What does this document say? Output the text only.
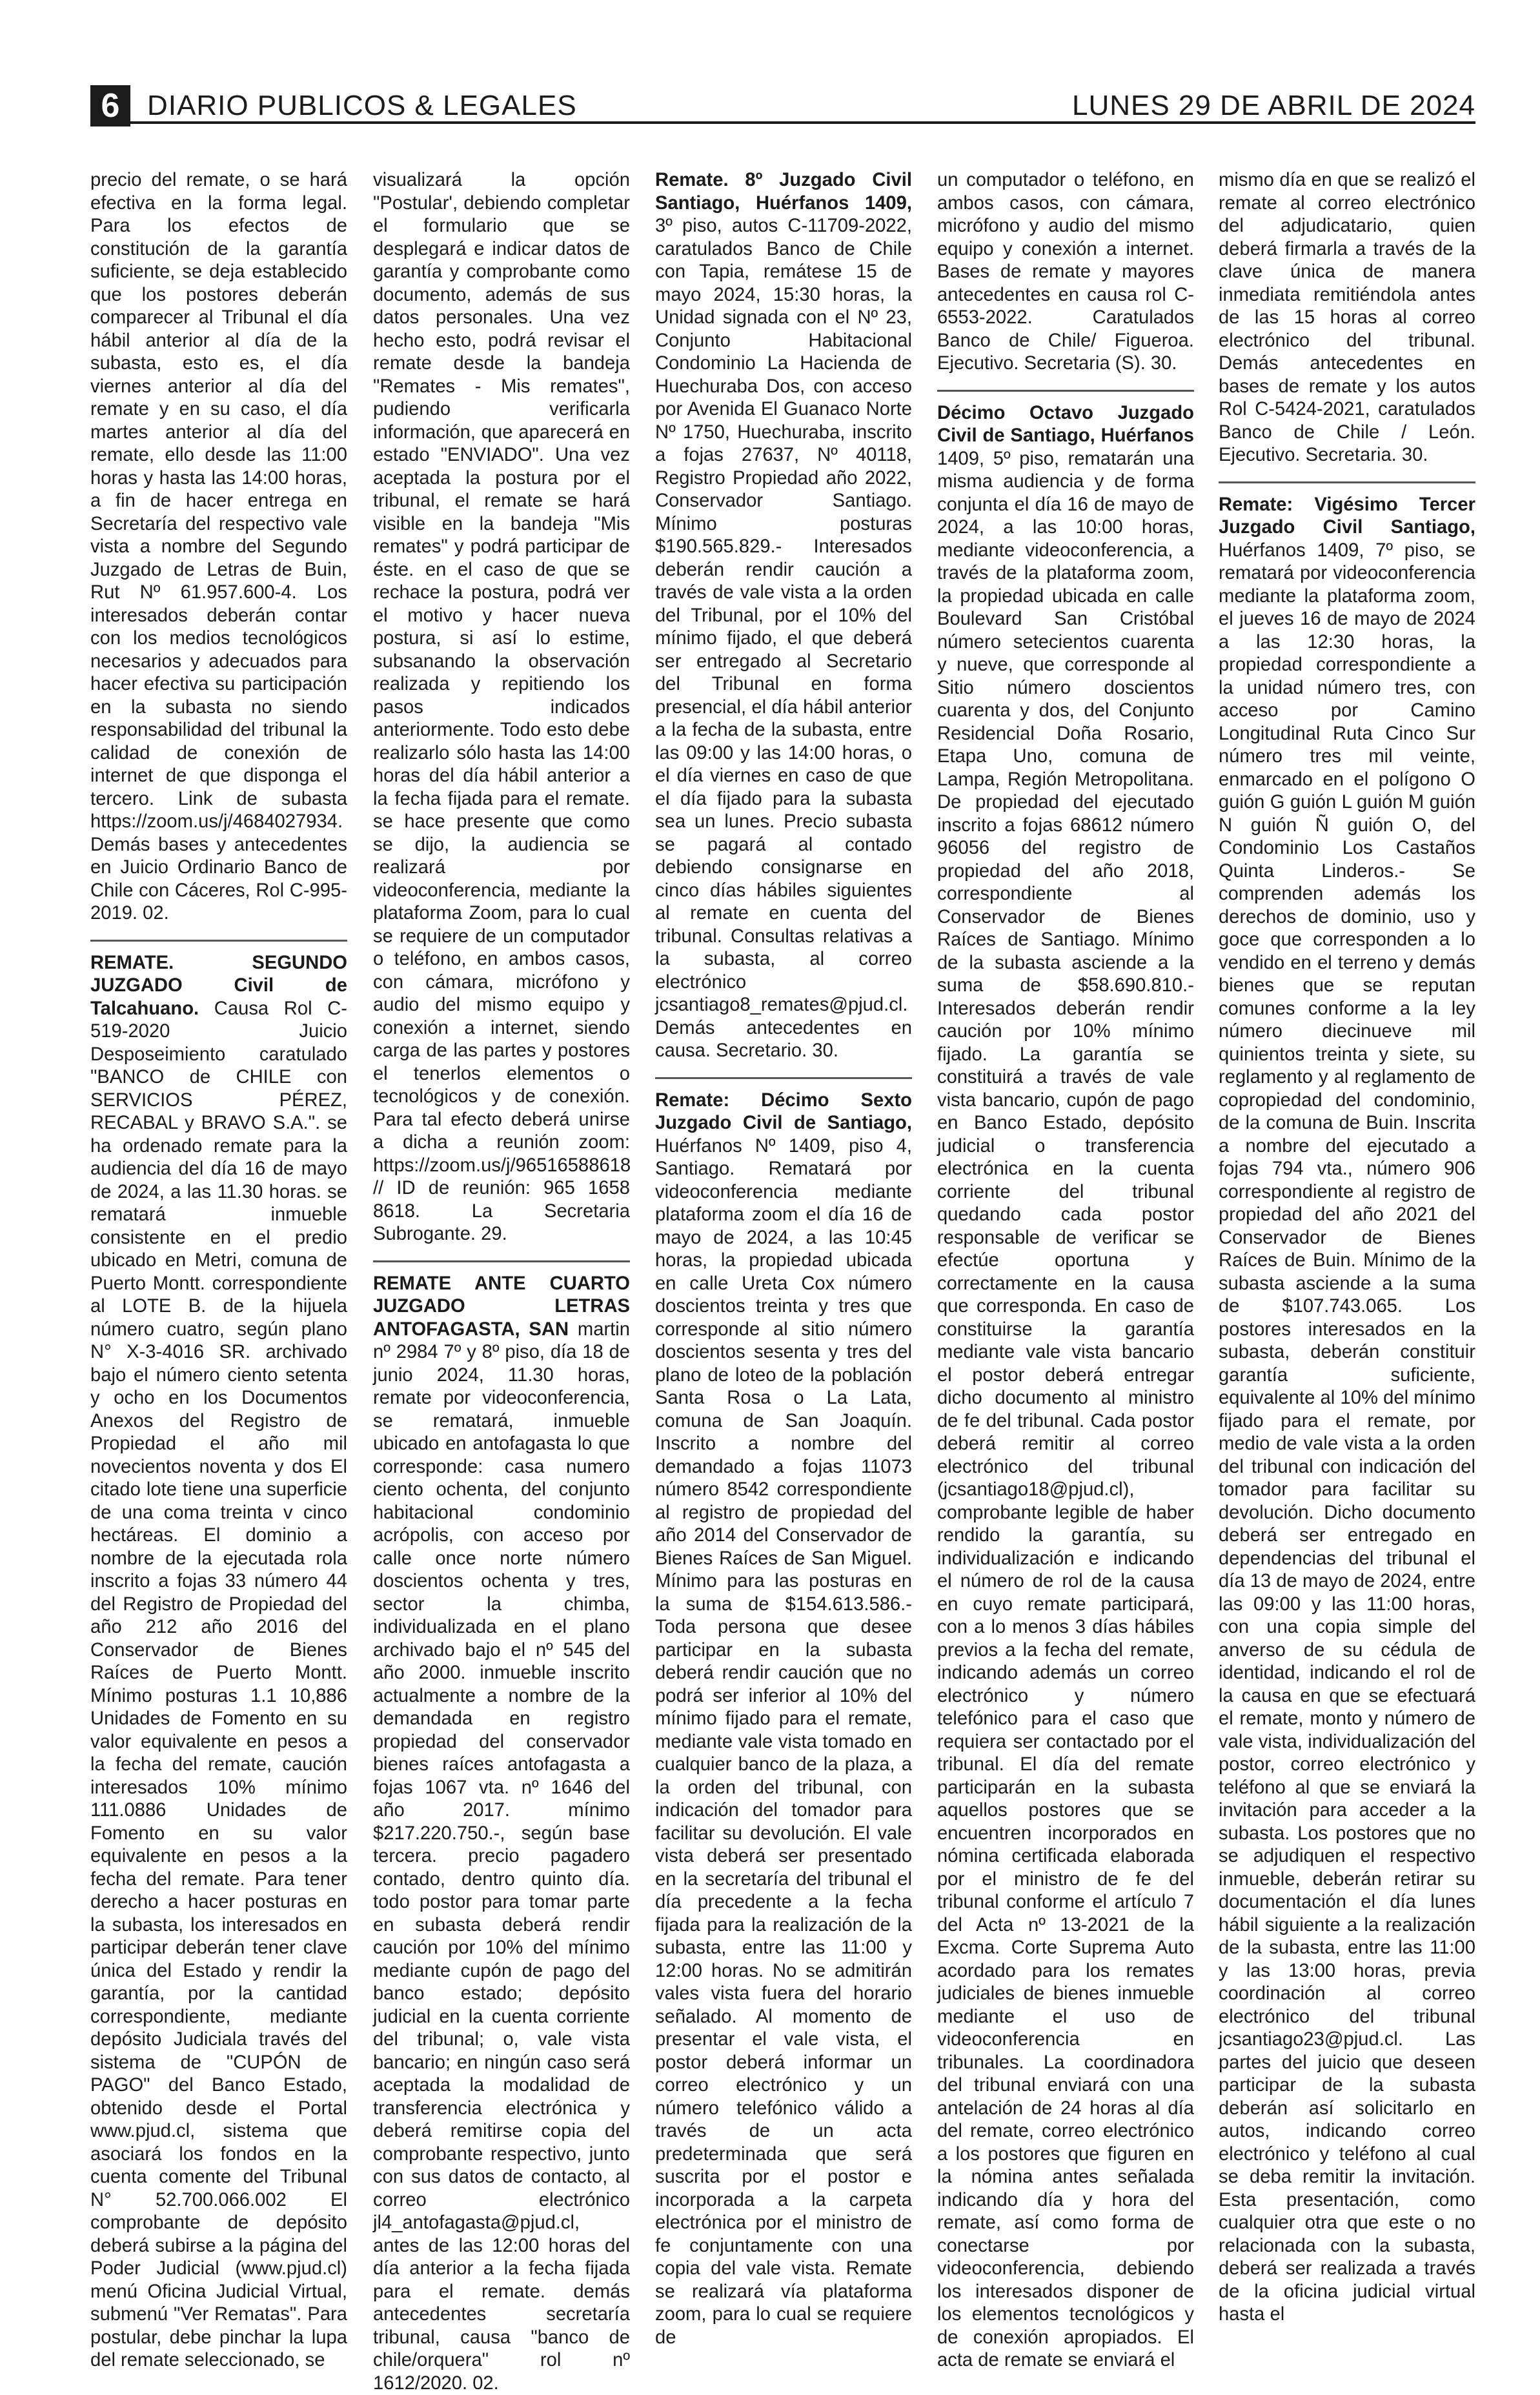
6 DIARIO PUBLICOS & LEGALES	LUNES 29 DE ABRIL DE 2024

precio del remate, o se hará efectiva en la forma legal. Para los efectos de constitución de la garantía suficiente, se deja establecido que los postores deberán comparecer al Tribunal el día hábil anterior al día de la subasta, esto es, el día viernes anterior al día del remate y en su caso, el día martes anterior al día del remate, ello desde las 11:00 horas y hasta las 14:00 horas, a fin de hacer entrega en Secretaría del respectivo vale vista a nombre del Segundo Juzgado de Letras de Buin, Rut Nº 61.957.600-4. Los interesados deberán contar con los medios tecnológicos necesarios y adecuados para hacer efectiva su participación en la subasta no siendo responsabilidad del tribunal la calidad de conexión de internet de que disponga el tercero. Link de subasta https://zoom.us/j/4684027934. Demás bases y antecedentes en Juicio Ordinario Banco de Chile con Cáceres, Rol C-995-2019. 02.

REMATE. SEGUNDO JUZGADO Civil de Talcahuano. Causa Rol C-519-2020 Juicio Desposeimiento caratulado "BANCO de CHILE con SERVICIOS PÉREZ, RECABAL y BRAVO S.A.". se ha ordenado remate para la audiencia del día 16 de mayo de 2024, a las 11.30 horas. se rematará inmueble consistente en el predio ubicado en Metri, comuna de Puerto Montt. correspondiente al LOTE B. de la hijuela número cuatro, según plano N° X-3-4016 SR. archivado bajo el número ciento setenta y ocho en los Documentos Anexos del Registro de Propiedad el año mil novecientos noventa y dos El citado lote tiene una superficie de una coma treinta v cinco hectáreas. El dominio a nombre de la ejecutada rola inscrito a fojas 33 número 44 del Registro de Propiedad del año 212 año 2016 del Conservador de Bienes Raíces de Puerto Montt. Mínimo posturas 1.1 10,886 Unidades de Fomento en su valor equivalente en pesos a la fecha del remate, caución interesados 10% mínimo 111.0886 Unidades de Fomento en su valor equivalente en pesos a la fecha del remate. Para tener derecho a hacer posturas en la subasta, los interesados en participar deberán tener clave única del Estado y rendir la garantía, por la cantidad correspondiente, mediante depósito Judiciala través del sistema de "CUPÓN de PAGO" del Banco Estado, obtenido desde el Portal www.pjud.cl, sistema que asociará los fondos en la cuenta comente del Tribunal N° 52.700.066.002 El comprobante de depósito deberá subirse a la página del Poder Judicial (www.pjud.cl) menú Oficina Judicial Virtual, submenú "Ver Rematas". Para postular, debe pinchar la lupa del remate seleccionado, se

visualizará la opción "Postular', debiendo completar el formulario que se desplegará e indicar datos de garantía y comprobante como documento, además de sus datos personales. Una vez hecho esto, podrá revisar el remate desde la bandeja "Remates - Mis remates", pudiendo verificarla información, que aparecerá en estado "ENVIADO". Una vez aceptada la postura por el tribunal, el remate se hará visible en la bandeja "Mis remates" y podrá participar de éste. en el caso de que se rechace la postura, podrá ver el motivo y hacer nueva postura, si así lo estime, subsanando la observación realizada y repitiendo los pasos indicados anteriormente. Todo esto debe realizarlo sólo hasta las 14:00 horas del día hábil anterior a la fecha fijada para el remate. se hace presente que como se dijo, la audiencia se realizará por videoconferencia, mediante la plataforma Zoom, para lo cual se requiere de un computador o teléfono, en ambos casos, con cámara, micrófono y audio del mismo equipo y conexión a internet, siendo carga de las partes y postores el tenerlos elementos o tecnológicos y de conexión. Para tal efecto deberá unirse a dicha a reunión zoom: https://zoom.us/j/96516588618 // ID de reunión: 965 1658 8618. La Secretaria Subrogante. 29.

REMATE ANTE CUARTO JUZGADO LETRAS ANTOFAGASTA, SAN martin nº 2984 7º y 8º piso, día 18 de junio 2024, 11.30 horas, remate por videoconferencia, se rematará, inmueble ubicado en antofagasta lo que corresponde: casa numero ciento ochenta, del conjunto habitacional condominio acrópolis, con acceso por calle once norte número doscientos ochenta y tres, sector la chimba, individualizada en el plano archivado bajo el nº 545 del año 2000. inmueble inscrito actualmente a nombre de la demandada en registro propiedad del conservador bienes raíces antofagasta a fojas 1067 vta. nº 1646 del año 2017. mínimo $217.220.750.-, según base tercera. precio pagadero contado, dentro quinto día. todo postor para tomar parte en subasta deberá rendir caución por 10% del mínimo mediante cupón de pago del banco estado; depósito judicial en la cuenta corriente del tribunal; o, vale vista bancario; en ningún caso será aceptada la modalidad de transferencia electrónica y deberá remitirse copia del comprobante respectivo, junto con sus datos de contacto, al correo electrónico jl4_antofagasta@pjud.cl, antes de las 12:00 horas del día anterior a la fecha fijada para el remate. demás antecedentes secretaría tribunal, causa "banco de chile/orquera" rol nº 1612/2020. 02.

Remate. 8º Juzgado Civil Santiago, Huérfanos 1409, 3º piso, autos C-11709-2022, caratulados Banco de Chile con Tapia, remátese 15 de mayo 2024, 15:30 horas, la Unidad signada con el Nº 23, Conjunto Habitacional Condominio La Hacienda de Huechuraba Dos, con acceso por Avenida El Guanaco Norte Nº 1750, Huechuraba, inscrito a fojas 27637, Nº 40118, Registro Propiedad año 2022, Conservador Santiago. Mínimo posturas $190.565.829.- Interesados deberán rendir caución a través de vale vista a la orden del Tribunal, por el 10% del mínimo fijado, el que deberá ser entregado al Secretario del Tribunal en forma presencial, el día hábil anterior a la fecha de la subasta, entre las 09:00 y las 14:00 horas, o el día viernes en caso de que el día fijado para la subasta sea un lunes. Precio subasta se pagará al contado debiendo consignarse en cinco días hábiles siguientes al remate en cuenta del tribunal. Consultas relativas a la subasta, al correo electrónico jcsantiago8_remates@pjud.cl. Demás antecedentes en causa. Secretario. 30.

Remate: Décimo Sexto Juzgado Civil de Santiago, Huérfanos Nº 1409, piso 4, Santiago. Rematará por videoconferencia mediante plataforma zoom el día 16 de mayo de 2024, a las 10:45 horas, la propiedad ubicada en calle Ureta Cox número doscientos treinta y tres que corresponde al sitio número doscientos sesenta y tres del plano de loteo de la población Santa Rosa o La Lata, comuna de San Joaquín. Inscrito a nombre del demandado a fojas 11073 número 8542 correspondiente al registro de propiedad del año 2014 del Conservador de Bienes Raíces de San Miguel. Mínimo para las posturas en la suma de $154.613.586.- Toda persona que desee participar en la subasta deberá rendir caución que no podrá ser inferior al 10% del mínimo fijado para el remate, mediante vale vista tomado en cualquier banco de la plaza, a la orden del tribunal, con indicación del tomador para facilitar su devolución. El vale vista deberá ser presentado en la secretaría del tribunal el día precedente a la fecha fijada para la realización de la subasta, entre las 11:00 y 12:00 horas. No se admitirán vales vista fuera del horario señalado. Al momento de presentar el vale vista, el postor deberá informar un correo electrónico y un número telefónico válido a través de un acta predeterminada que será suscrita por el postor e incorporada a la carpeta electrónica por el ministro de fe conjuntamente con una copia del vale vista. Remate se realizará vía plataforma zoom, para lo cual se requiere de

un computador o teléfono, en ambos casos, con cámara, micrófono y audio del mismo equipo y conexión a internet. Bases de remate y mayores antecedentes en causa rol C-6553-2022. Caratulados Banco de Chile/ Figueroa. Ejecutivo. Secretaria (S). 30.

Décimo Octavo Juzgado Civil de Santiago, Huérfanos 1409, 5º piso, rematarán una misma audiencia y de forma conjunta el día 16 de mayo de 2024, a las 10:00 horas, mediante videoconferencia, a través de la plataforma zoom, la propiedad ubicada en calle Boulevard San Cristóbal número setecientos cuarenta y nueve, que corresponde al Sitio número doscientos cuarenta y dos, del Conjunto Residencial Doña Rosario, Etapa Uno, comuna de Lampa, Región Metropolitana. De propiedad del ejecutado inscrito a fojas 68612 número 96056 del registro de propiedad del año 2018, correspondiente al Conservador de Bienes Raíces de Santiago. Mínimo de la subasta asciende a la suma de $58.690.810.- Interesados deberán rendir caución por 10% mínimo fijado. La garantía se constituirá a través de vale vista bancario, cupón de pago en Banco Estado, depósito judicial o transferencia electrónica en la cuenta corriente del tribunal quedando cada postor responsable de verificar se efectúe oportuna y correctamente en la causa que corresponda. En caso de constituirse la garantía mediante vale vista bancario el postor deberá entregar dicho documento al ministro de fe del tribunal. Cada postor deberá remitir al correo electrónico del tribunal (jcsantiago18@pjud.cl), comprobante legible de haber rendido la garantía, su individualización e indicando el número de rol de la causa en cuyo remate participará, con a lo menos 3 días hábiles previos a la fecha del remate, indicando además un correo electrónico y número telefónico para el caso que requiera ser contactado por el tribunal. El día del remate participarán en la subasta aquellos postores que se encuentren incorporados en nómina certificada elaborada por el ministro de fe del tribunal conforme el artículo 7 del Acta nº 13-2021 de la Excma. Corte Suprema Auto acordado para los remates judiciales de bienes inmueble mediante el uso de videoconferencia en tribunales. La coordinadora del tribunal enviará con una antelación de 24 horas al día del remate, correo electrónico a los postores que figuren en la nómina antes señalada indicando día y hora del remate, así como forma de conectarse por videoconferencia, debiendo los interesados disponer de los elementos tecnológicos y de conexión apropiados. El acta de remate se enviará el

mismo día en que se realizó el remate al correo electrónico del adjudicatario, quien deberá firmarla a través de la clave única de manera inmediata remitiéndola antes de las 15 horas al correo electrónico del tribunal. Demás antecedentes en bases de remate y los autos Rol C-5424-2021, caratulados Banco de Chile / León. Ejecutivo. Secretaria. 30.

Remate: Vigésimo Tercer Juzgado Civil Santiago, Huérfanos 1409, 7º piso, se rematará por videoconferencia mediante la plataforma zoom, el jueves 16 de mayo de 2024 a las 12:30 horas, la propiedad correspondiente a la unidad número tres, con acceso por Camino Longitudinal Ruta Cinco Sur número tres mil veinte, enmarcado en el polígono O guión G guión L guión M guión N guión Ñ guión O, del Condominio Los Castaños Quinta Linderos.- Se comprenden además los derechos de dominio, uso y goce que corresponden a lo vendido en el terreno y demás bienes que se reputan comunes conforme a la ley número diecinueve mil quinientos treinta y siete, su reglamento y al reglamento de copropiedad del condominio, de la comuna de Buin. Inscrita a nombre del ejecutado a fojas 794 vta., número 906 correspondiente al registro de propiedad del año 2021 del Conservador de Bienes Raíces de Buin. Mínimo de la subasta asciende a la suma de $107.743.065. Los postores interesados en la subasta, deberán constituir garantía suficiente, equivalente al 10% del mínimo fijado para el remate, por medio de vale vista a la orden del tribunal con indicación del tomador para facilitar su devolución. Dicho documento deberá ser entregado en dependencias del tribunal el día 13 de mayo de 2024, entre las 09:00 y las 11:00 horas, con una copia simple del anverso de su cédula de identidad, indicando el rol de la causa en que se efectuará el remate, monto y número de vale vista, individualización del postor, correo electrónico y teléfono al que se enviará la invitación para acceder a la subasta. Los postores que no se adjudiquen el respectivo inmueble, deberán retirar su documentación el día lunes hábil siguiente a la realización de la subasta, entre las 11:00 y las 13:00 horas, previa coordinación al correo electrónico del tribunal jcsantiago23@pjud.cl. Las partes del juicio que deseen participar de la subasta deberán así solicitarlo en autos, indicando correo electrónico y teléfono al cual se deba remitir la invitación. Esta presentación, como cualquier otra que este o no relacionada con la subasta, deberá ser realizada a través de la oficina judicial virtual hasta el
